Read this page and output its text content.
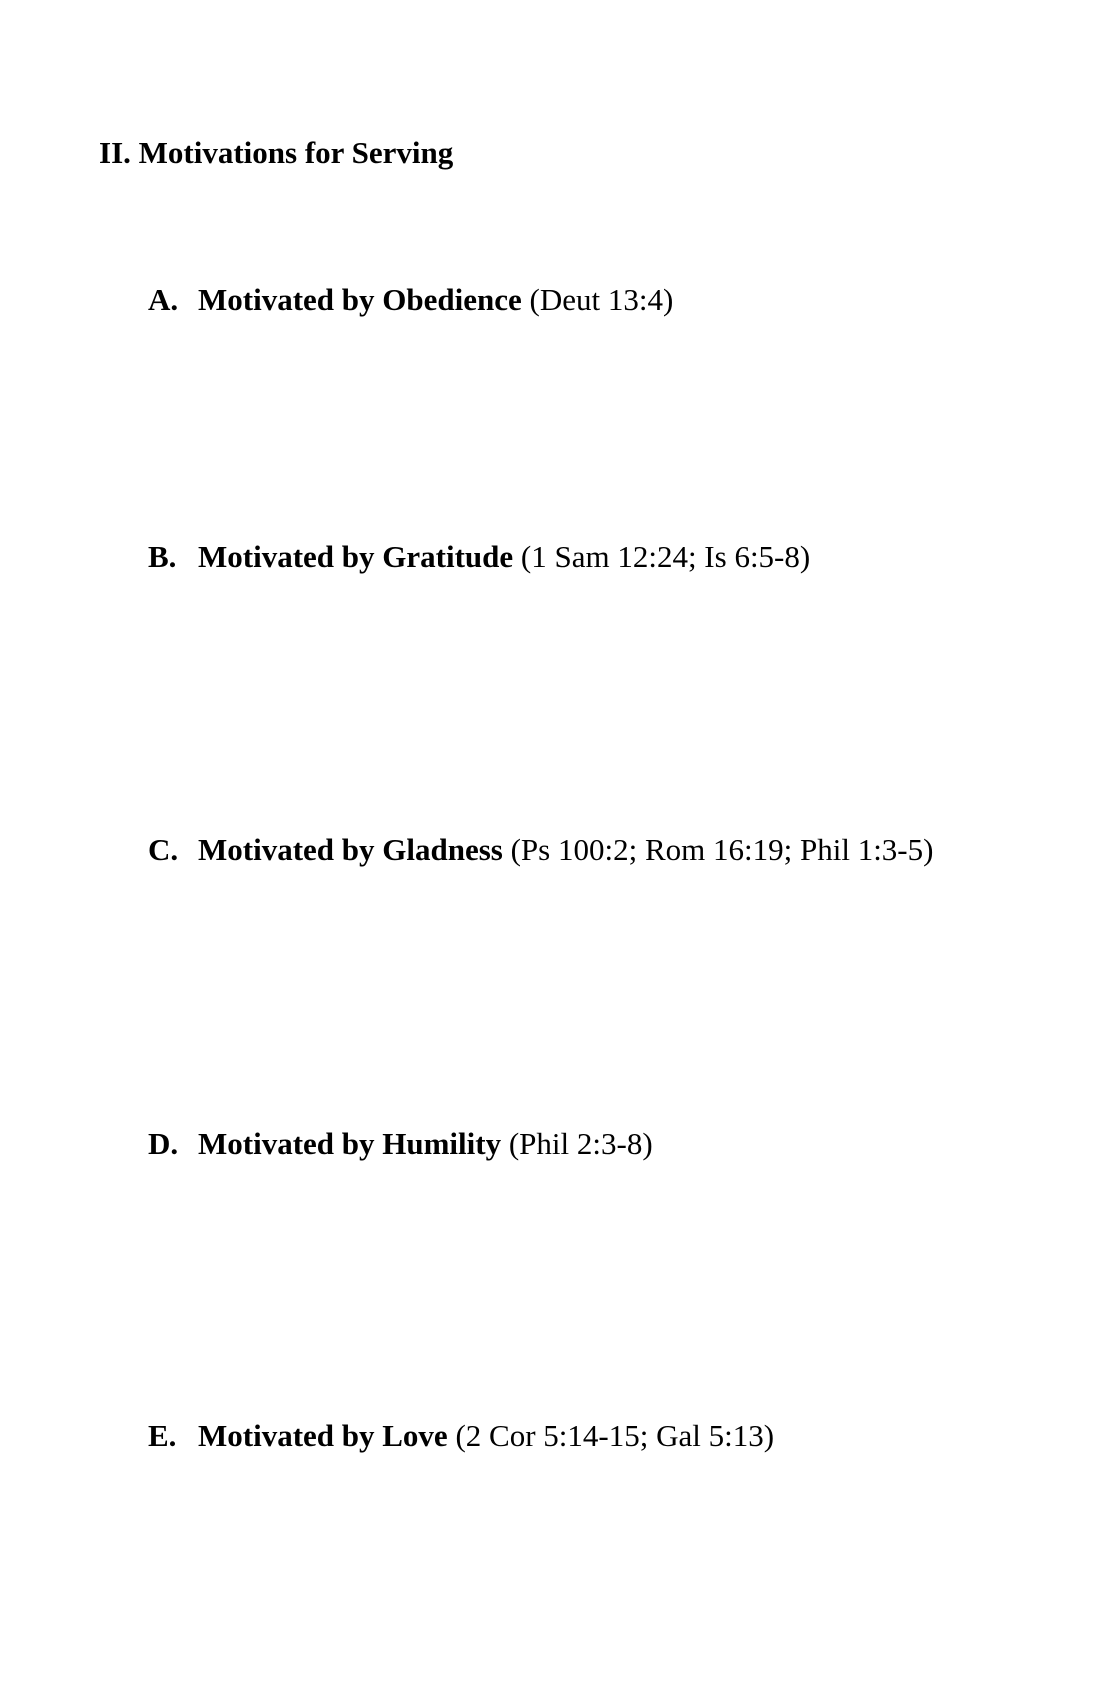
II. Motivations for Serving

A. Motivated by Obedience (Deut 13:4)

B. Motivated by Gratitude (1 Sam 12:24; Is 6:5-8)

C. Motivated by Gladness (Ps 100:2; Rom 16:19; Phil 1:3-5)

D. Motivated by Humility (Phil 2:3-8)

E. Motivated by Love (2 Cor 5:14-15; Gal 5:13)
